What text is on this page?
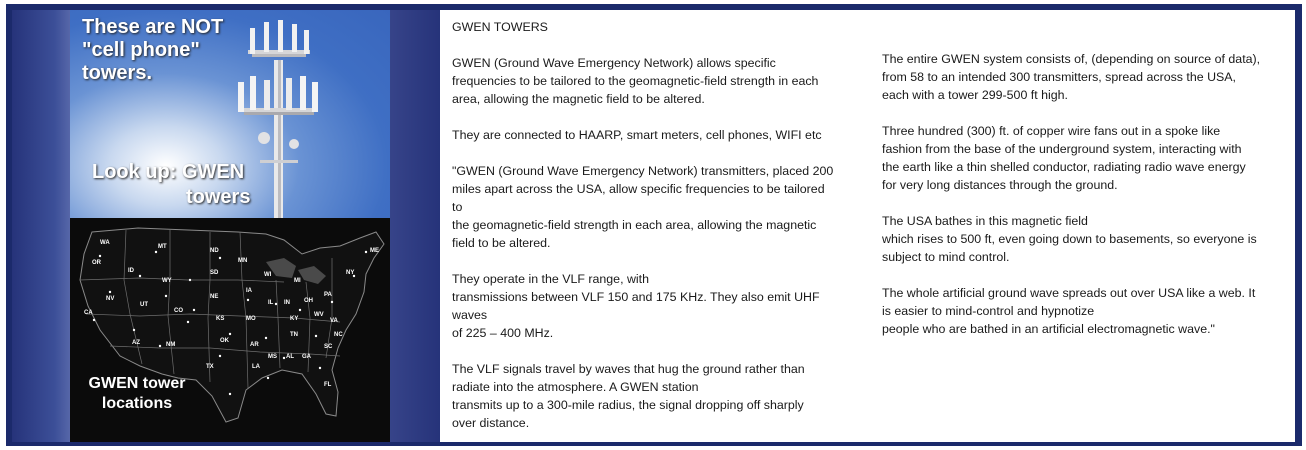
These are NOT
"cell phone"
towers.
Look up: GWEN
towers
WA
MT
ND
MN
OR
ID	SD
WY
WI
MI
NY
ME
NV
UT
CO
NE
IA
IL IN OH
PA
CA
KS	MO	KY
WV
VA
AZ	NM
OK
AR
TN	NC
SC
TX	LA
MS AL GA
FL
GWEN tower
locations

GWEN TOWERS

GWEN (Ground Wave Emergency Network) allows specific
frequencies to be tailored to the geomagnetic-field strength in each
area, allowing the magnetic field to be altered.

They are connected to HAARP, smart meters, cell phones, WIFI etc

"GWEN (Ground Wave Emergency Network) transmitters, placed 200
miles apart across the USA, allow specific frequencies to be tailored
to
the geomagnetic-field strength in each area, allowing the magnetic
field to be altered.

They operate in the VLF range, with
transmissions between VLF 150 and 175 KHz. They also emit UHF
waves
of 225 – 400 MHz.

The VLF signals travel by waves that hug the ground rather than
radiate into the atmosphere. A GWEN station
transmits up to a 300-mile radius, the signal dropping off sharply
over distance.

The entire GWEN system consists of, (depending on source of data),
from 58 to an intended 300 transmitters, spread across the USA,
each with a tower 299-500 ft high.

Three hundred (300) ft. of copper wire fans out in a spoke like
fashion from the base of the underground system, interacting with
the earth like a thin shelled conductor, radiating radio wave energy
for very long distances through the ground.

The USA bathes in this magnetic field
which rises to 500 ft, even going down to basements, so everyone is
subject to mind control.

The whole artificial ground wave spreads out over USA like a web. It
is easier to mind-control and hypnotize
people who are bathed in an artificial electromagnetic wave."
